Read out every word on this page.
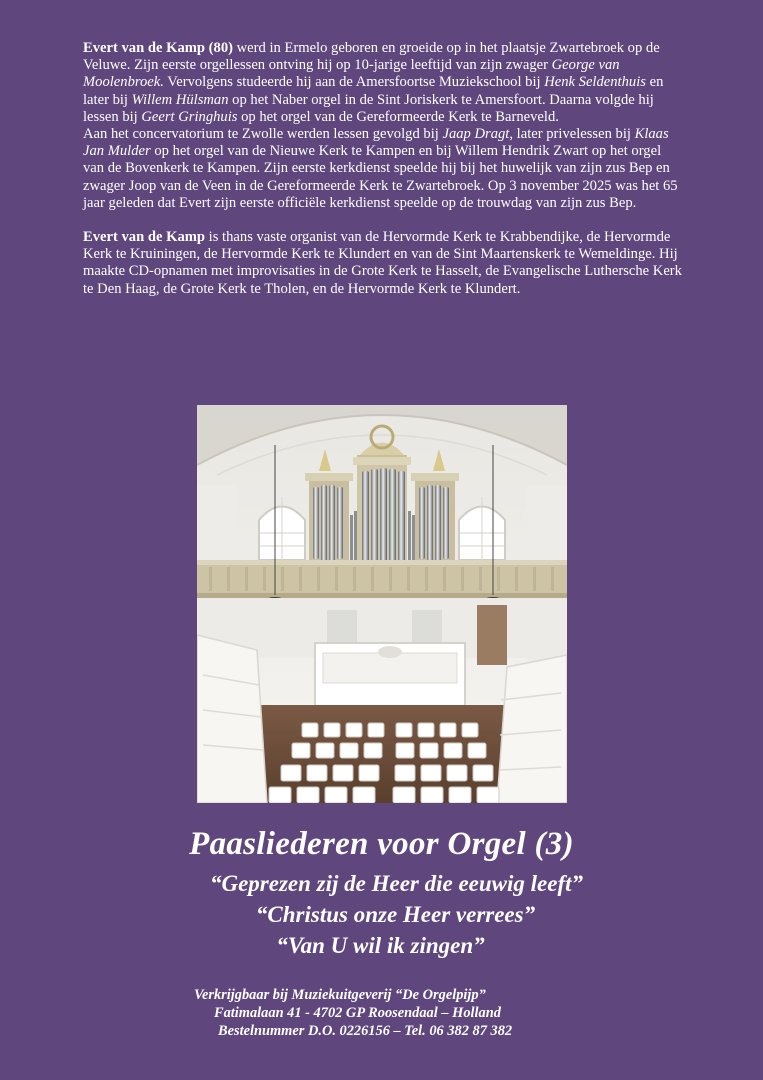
Evert van de Kamp (80) werd in Ermelo geboren en groeide op in het plaatsje Zwartebroek op de Veluwe. Zijn eerste orgellessen ontving hij op 10-jarige leeftijd van zijn zwager George van Moolenbroek. Vervolgens studeerde hij aan de Amersfoortse Muziekschool bij Henk Seldenthuis en later bij Willem Hülsman op het Naber orgel in de Sint Joriskerk te Amersfoort. Daarna volgde hij lessen bij Geert Gringhuis op het orgel van de Gereformeerde Kerk te Barneveld.

Aan het concervatorium te Zwolle werden lessen gevolgd bij Jaap Dragt, later privelessen bij Klaas Jan Mulder op het orgel van de Nieuwe Kerk te Kampen en bij Willem Hendrik Zwart op het orgel van de Bovenkerk te Kampen. Zijn eerste kerkdienst speelde hij bij het huwelijk van zijn zus Bep en zwager Joop van de Veen in de Gereformeerde Kerk te Zwartebroek. Op 3 november 2025 was het 65 jaar geleden dat Evert zijn eerste officiële kerkdienst speelde op de trouwdag van zijn zus Bep.

Evert van de Kamp is thans vaste organist van de Hervormde Kerk te Krabbendijke, de Hervormde Kerk te Kruiningen, de Hervormde Kerk te Klundert en van de Sint Maartenskerk te Wemeldinge. Hij maakte CD-opnamen met improvisaties in de Grote Kerk te Hasselt, de Evangelische Luthersche Kerk te Den Haag, de Grote Kerk te Tholen, en de Hervormde Kerk te Klundert.

Paasliederen voor Orgel (3)
“Geprezen zij de Heer die eeuwig leeft”
“Christus onze Heer verrees”
“Van U wil ik zingen”
Verkrijgbaar bij Muziekuitgeverij “De Orgelpijp”
Fatimalaan 41 - 4702 GP Roosendaal – Holland
Bestelnummer D.O. 0226156 – Tel. 06 382 87 382
